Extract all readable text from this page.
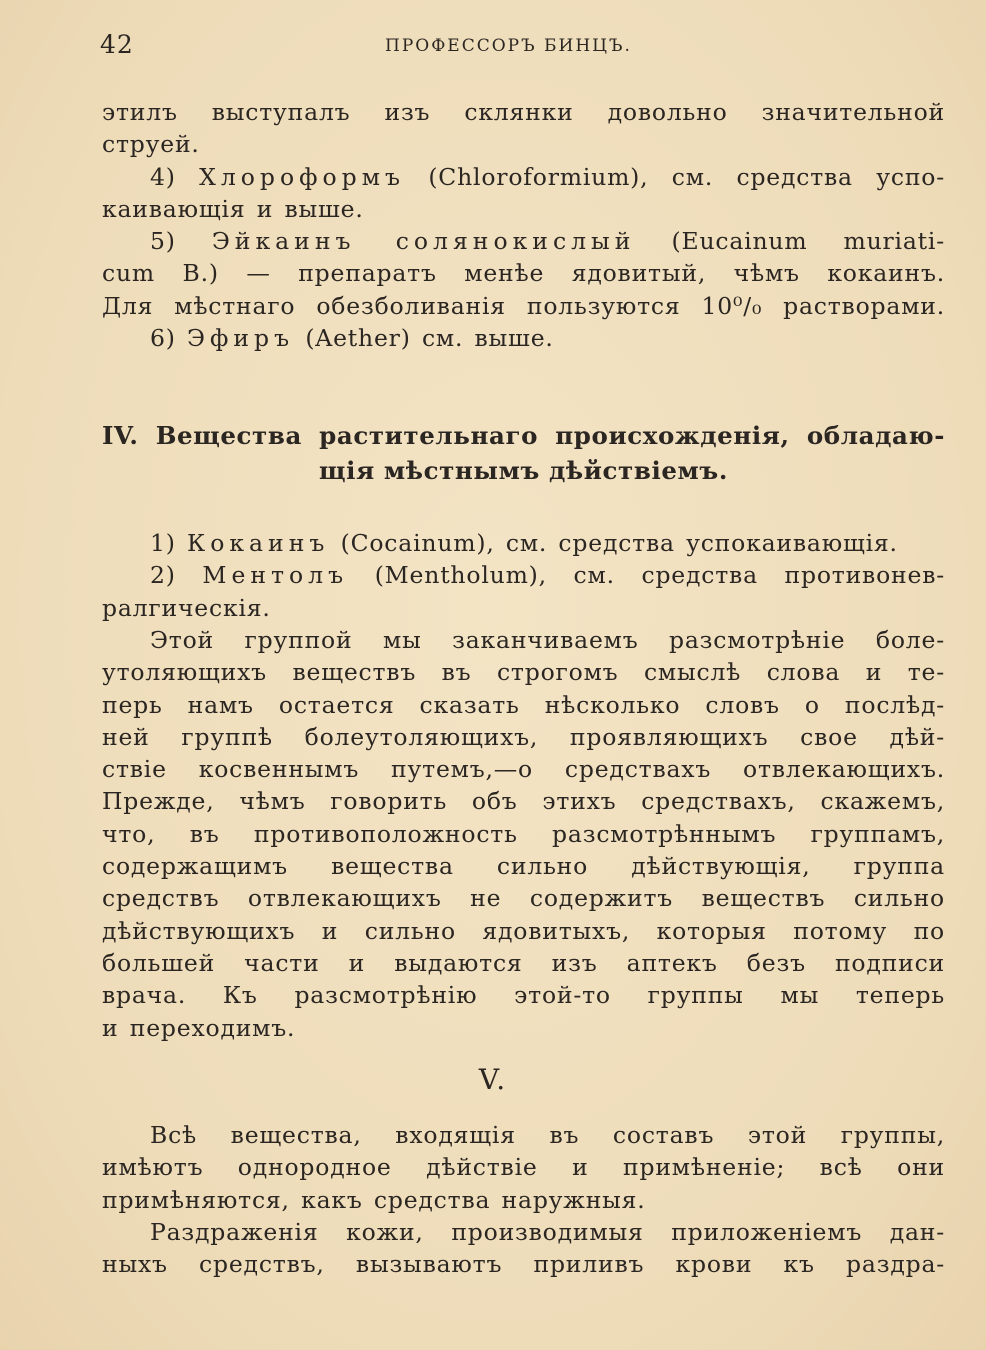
42	ПРОФЕССОРЪ БИНЦЪ.
этилъ выступалъ изъ склянки довольно значительной
струей.
4) Хлороформъ (Chloroformium), см. средства успо-
каивающія и выше.
5) Эйкаинъ солянокислый (Eucainum muriati-
cum B.) — препаратъ менѣе ядовитый, чѣмъ кокаинъ.
Для мѣстнаго обезболиванія пользуются 10⁰/₀ растворами.
6) Эфиръ (Aether) см. выше.
IV. Вещества растительнаго происхожденія, обладаю-
щія мѣстнымъ дѣйствіемъ.
1) Кокаинъ (Cocainum), см. средства успокаивающія.
2) Ментолъ (Mentholum), см. средства противонев-
ралгическія.
Этой группой мы заканчиваемъ разсмотрѣніе боле-
утоляющихъ веществъ въ строгомъ смыслѣ слова и те-
перь намъ остается сказать нѣсколько словъ о послѣд-
ней группѣ болеутоляющихъ, проявляющихъ свое дѣй-
ствіе косвеннымъ путемъ,—о средствахъ отвлекающихъ.
Прежде, чѣмъ говорить объ этихъ средствахъ, скажемъ,
что, въ противоположность разсмотрѣннымъ группамъ,
содержащимъ вещества сильно дѣйствующія, группа
средствъ отвлекающихъ не содержитъ веществъ сильно
дѣйствующихъ и сильно ядовитыхъ, которыя потому по
большей части и выдаются изъ аптекъ безъ подписи
врача. Къ разсмотрѣнію этой-то группы мы теперь
и переходимъ.
V.
Всѣ вещества, входящія въ составъ этой группы,
имѣютъ однородное дѣйствіе и примѣненіе; всѣ они
примѣняются, какъ средства наружныя.
Раздраженія кожи, производимыя приложеніемъ дан-
ныхъ средствъ, вызываютъ приливъ крови къ раздра-
